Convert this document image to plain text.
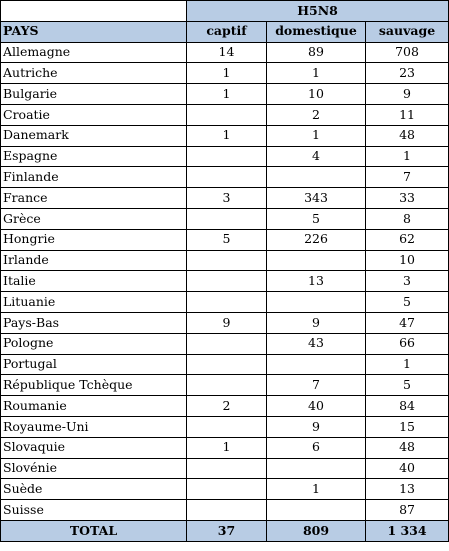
	H5N8		
PAYS	captif	domestique	sauvage
Allemagne	14	89	708
Autriche	1	1	23
Bulgarie	1	10	9
Croatie		2	11
Danemark	1	1	48
Espagne		4	1
Finlande			7
France	3	343	33
Grèce		5	8
Hongrie	5	226	62
Irlande			10
Italie		13	3
Lituanie			5
Pays-Bas	9	9	47
Pologne		43	66
Portugal			1
République Tchèque		7	5
Roumanie	2	40	84
Royaume-Uni		9	15
Slovaquie	1	6	48
Slovénie			40
Suède		1	13
Suisse			87
TOTAL	37	809	1 334
